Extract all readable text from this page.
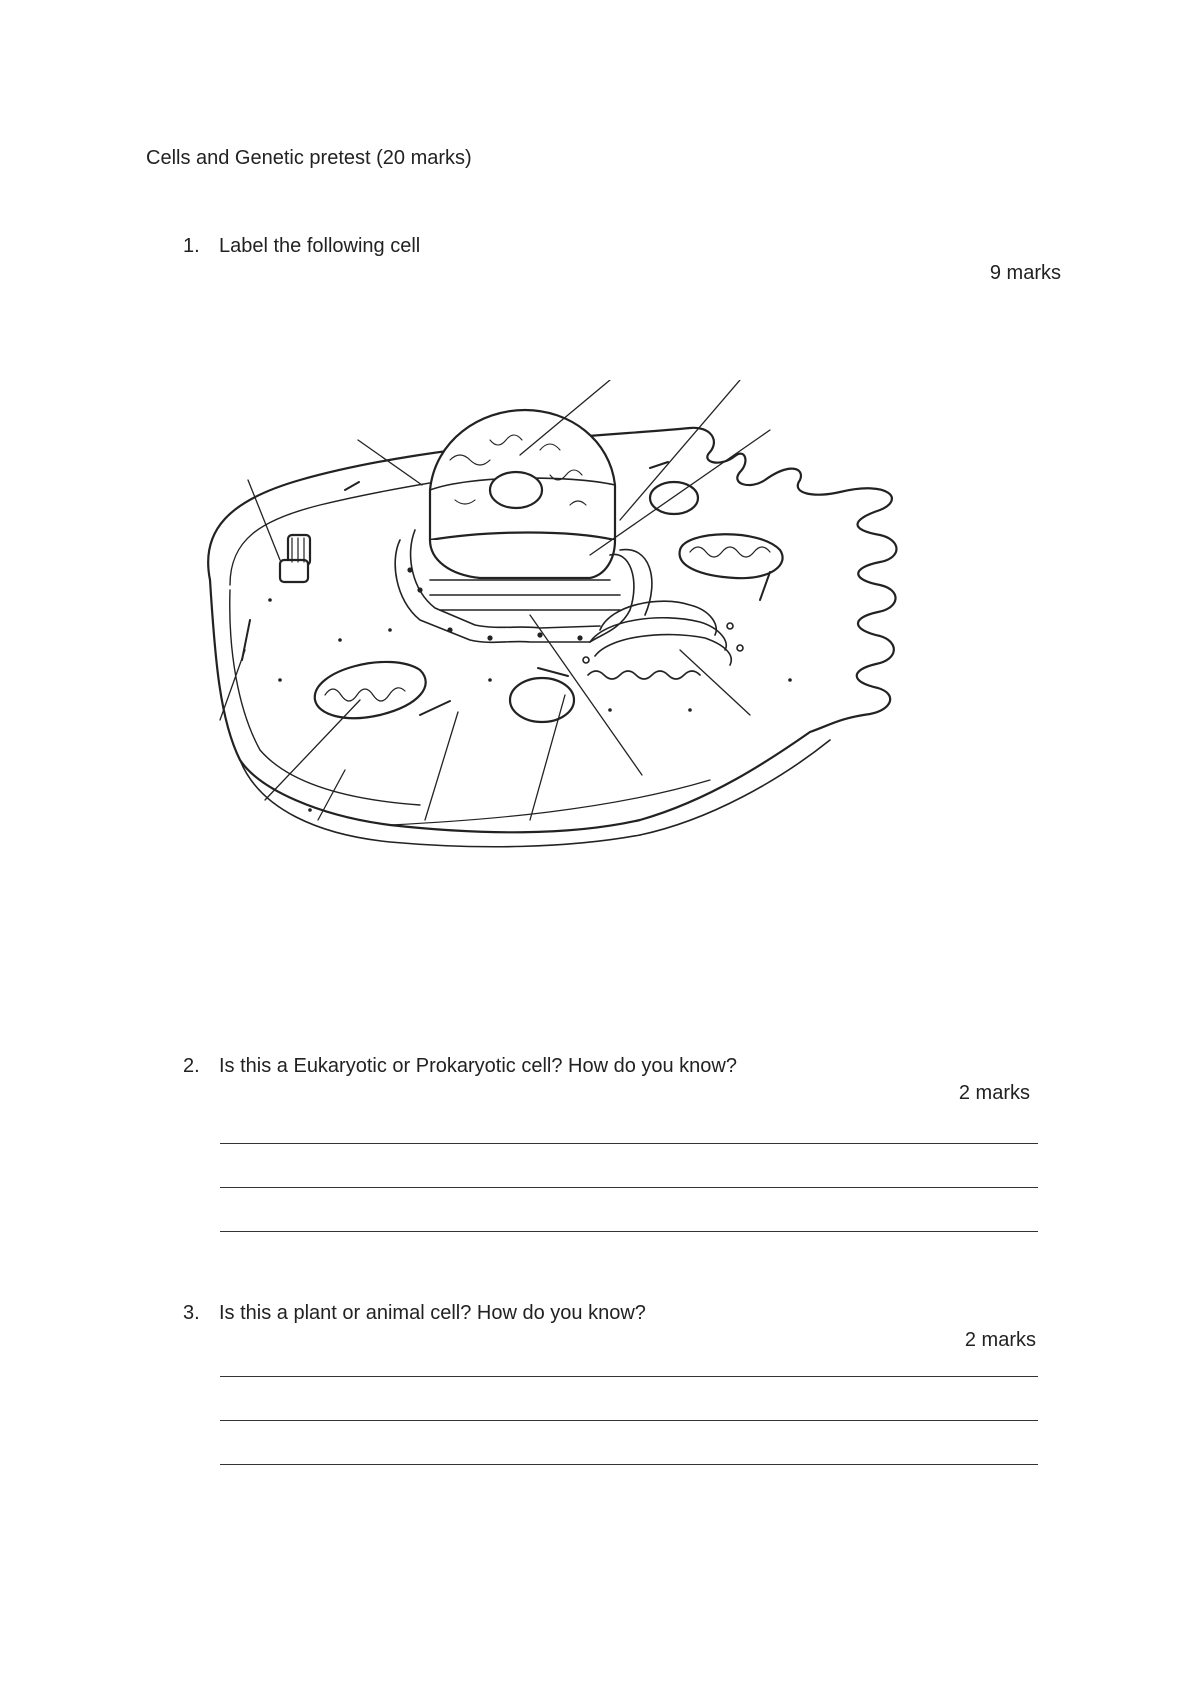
Cells and Genetic pretest (20 marks)
1. Label the following cell
9 marks
2. Is this a Eukaryotic or Prokaryotic cell? How do you know?
2 marks
3. Is this a plant or animal cell? How do you know?
2 marks
